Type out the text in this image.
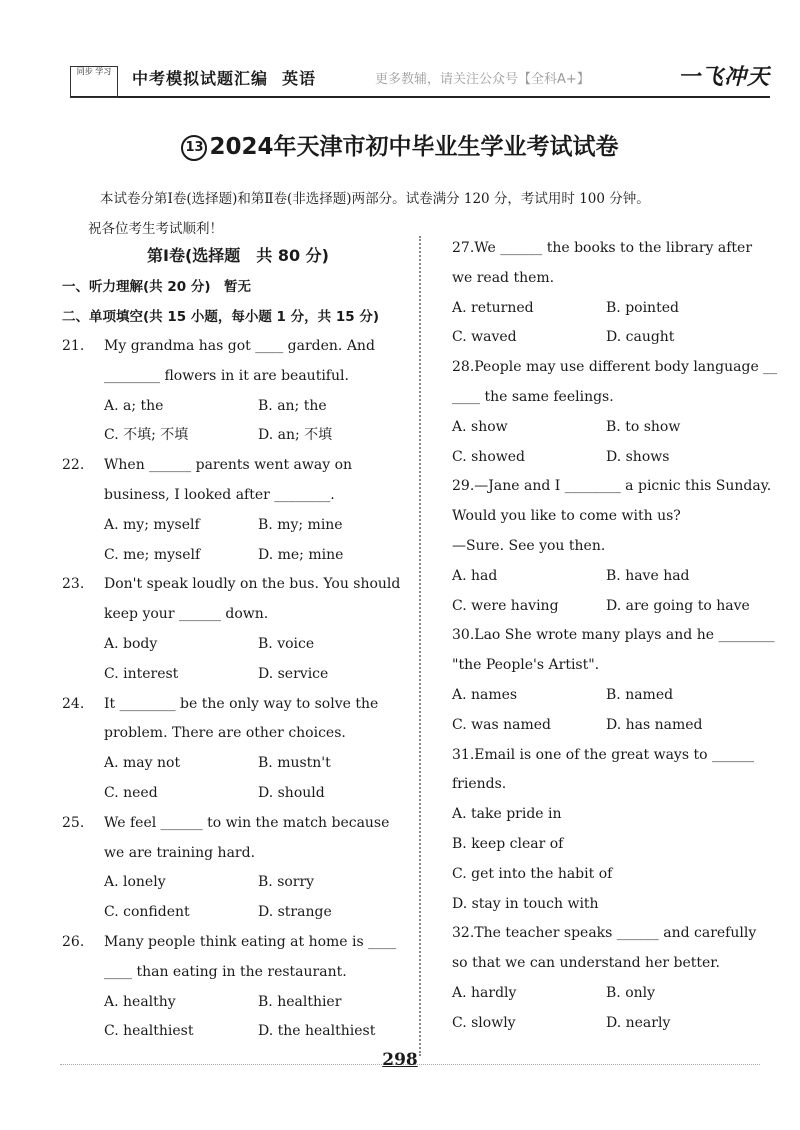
同步 学习	中考模拟试题汇编 英语	更多教辅，请关注公众号【全科A+】	一飞冲天
13 2024年天津市初中毕业生学业考试试卷
本试卷分第Ⅰ卷(选择题)和第Ⅱ卷(非选择题)两部分。试卷满分 120 分，考试用时 100 分钟。
祝各位考生考试顺利！
第Ⅰ卷(选择题　共 80 分)
一、听力理解(共 20 分)　暂无
二、单项填空(共 15 小题，每小题 1 分，共 15 分)
21. My grandma has got ____ garden. And
________ flowers in it are beautiful.
A. a; the	B. an; the
C. 不填; 不填	D. an; 不填
22. When ______ parents went away on
business, I looked after ________.
A. my; myself	B. my; mine
C. me; myself	D. me; mine
23. Don't speak loudly on the bus. You should
keep your ______ down.
A. body	B. voice
C. interest	D. service
24. It ________ be the only way to solve the
problem. There are other choices.
A. may not	B. mustn't
C. need	D. should
25. We feel ______ to win the match because
we are training hard.
A. lonely	B. sorry
C. confident	D. strange
26. Many people think eating at home is ____
____ than eating in the restaurant.
A. healthy	B. healthier
C. healthiest	D. the healthiest
27.We ______ the books to the library after
we read them.
A. returned	B. pointed
C. waved	D. caught
28.People may use different body language __
____ the same feelings.
A. show	B. to show
C. showed	D. shows
29.—Jane and I ________ a picnic this Sunday.
Would you like to come with us?
—Sure. See you then.
A. had	B. have had
C. were having	D. are going to have
30.Lao She wrote many plays and he ________
"the People's Artist".
A. names	B. named
C. was named	D. has named
31.Email is one of the great ways to ______
friends.
A. take pride in
B. keep clear of
C. get into the habit of
D. stay in touch with
32.The teacher speaks ______ and carefully
so that we can understand her better.
A. hardly	B. only
C. slowly	D. nearly
298
